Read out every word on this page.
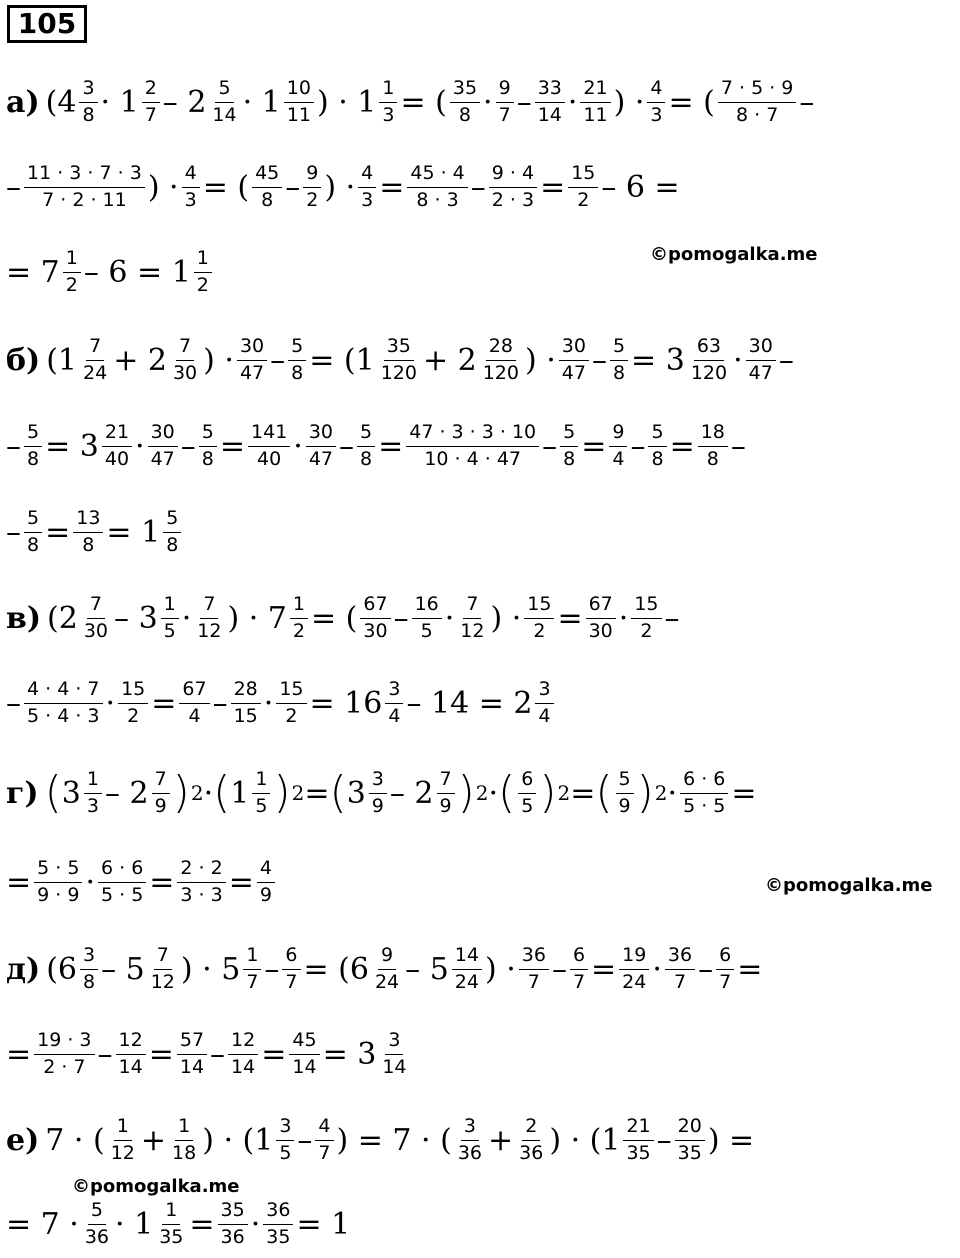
105
а) ($4 \frac{3}{8} \cdot 1 \frac{2}{7} - 2 \frac{5}{14} \cdot 1 \frac{10}{11}$ ) · $1 \frac{1}{3}$ = ( $\frac{35}{8} \cdot \frac{9}{7} - \frac{33}{14} \cdot \frac{21}{11}$ ) · $\frac{4}{3}$ = ( $\frac{7 \cdot 5 \cdot 9}{8 \cdot 7}$ –
– $\frac{11 \cdot 3 \cdot 7 \cdot 3}{7 \cdot 2 \cdot 11}$ ) · $\frac{4}{3}$ = ( $\frac{45}{8} - \frac{9}{2}$ ) · $\frac{4}{3} = \frac{45 \cdot 4}{8 \cdot 3} - \frac{9 \cdot 4}{2 \cdot 3} = \frac{15}{2} - 6$ =
©pomogalka.me
= $7 \frac{1}{2} - 6 = 1 \frac{1}{2}$
б) ($1 \frac{7}{24} + 2 \frac{7}{30}$ ) · $\frac{30}{47} - \frac{5}{8} = (1 \frac{35}{120} + 2 \frac{28}{120}$ ) · $\frac{30}{47} - \frac{5}{8} = 3 \frac{63}{120} \cdot \frac{30}{47}$ –
– $\frac{5}{8} = 3 \frac{21}{40} \cdot \frac{30}{47} - \frac{5}{8} = \frac{141}{40} \cdot \frac{30}{47} - \frac{5}{8} = \frac{47 \cdot 3 \cdot 3 \cdot 10}{10 \cdot 4 \cdot 47} - \frac{5}{8} = \frac{9}{4} - \frac{5}{8} = \frac{18}{8}$ –
– $\frac{5}{8} = \frac{13}{8} = 1 \frac{5}{8}$
в) ($2 \frac{7}{30} - 3 \frac{1}{5} \cdot \frac{7}{12}$ ) · $7 \frac{1}{2}$ = ( $\frac{67}{30} - \frac{16}{5} \cdot \frac{7}{12}$ ) · $\frac{15}{2} = \frac{67}{30} \cdot \frac{15}{2}$ –
– $\frac{4 \cdot 4 \cdot 7}{5 \cdot 4 \cdot 3} \cdot \frac{15}{2} = \frac{67}{4} - \frac{28}{15} \cdot \frac{15}{2} = 16 \frac{3}{4} - 14 = 2 \frac{3}{4}$
г) ( $3 \frac{1}{3} - 2 \frac{7}{9}$ ) 2 · ( $1 \frac{1}{5}$ ) 2 = ( $3 \frac{3}{9} - 2 \frac{7}{9}$ ) 2 · ( $\frac{6}{5}$ ) 2 = ( $\frac{5}{9}$ ) $2 \cdot \frac{6 \cdot 6}{5 \cdot 5}$ =
= $\frac{5 \cdot 5}{9 \cdot 9} \cdot \frac{6 \cdot 6}{5 \cdot 5} = \frac{2 \cdot 2}{3 \cdot 3} = \frac{4}{9}$	©pomogalka.me
д) ($6 \frac{3}{8} - 5 \frac{7}{12}$ ) · $5 \frac{1}{7} - \frac{6}{7} = (6 \frac{9}{24} - 5 \frac{14}{24}$ ) · $\frac{36}{7} - \frac{6}{7} = \frac{19}{24} \cdot \frac{36}{7} - \frac{6}{7}$ =
= $\frac{19 \cdot 3}{2 \cdot 7} - \frac{12}{14} = \frac{57}{14} - \frac{12}{14} = \frac{45}{14} = 3 \frac{3}{14}$
е) 7 · ( $\frac{1}{12} + \frac{1}{18}$ ) · ($1 \frac{3}{5} - \frac{4}{7}$ ) = 7 · ( $\frac{3}{36} + \frac{2}{36}$ ) · ($1 \frac{21}{35} - \frac{20}{35}$ ) =
©pomogalka.me
= $7 \cdot \frac{5}{36} \cdot 1 \frac{1}{35} = \frac{35}{36} \cdot \frac{36}{35} = 1$
